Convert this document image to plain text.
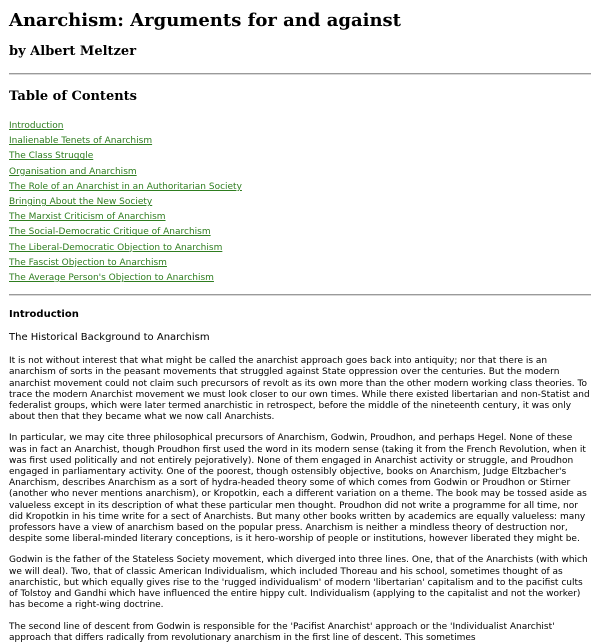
Anarchism: Arguments for and against
by Albert Meltzer
Table of Contents
Introduction
Inalienable Tenets of Anarchism
The Class Struggle
Organisation and Anarchism
The Role of an Anarchist in an Authoritarian Society
Bringing About the New Society
The Marxist Criticism of Anarchism
The Social-Democratic Critique of Anarchism
The Liberal-Democratic Objection to Anarchism
The Fascist Objection to Anarchism
The Average Person's Objection to Anarchism
Introduction
The Historical Background to Anarchism

It is not without interest that what might be called the anarchist approach goes back into antiquity; nor that there is an anarchism of sorts in the peasant movements that struggled against State oppression over the centuries. But the modern anarchist movement could not claim such precursors of revolt as its own more than the other modern working class theories. To trace the modern Anarchist movement we must look closer to our own times. While there existed libertarian and non-Statist and federalist groups, which were later termed anarchistic in retrospect, before the middle of the nineteenth century, it was only about then that they became what we now call Anarchists.

In particular, we may cite three philosophical precursors of Anarchism, Godwin, Proudhon, and perhaps Hegel. None of these was in fact an Anarchist, though Proudhon first used the word in its modern sense (taking it from the French Revolution, when it was first used politically and not entirely pejoratively). None of them engaged in Anarchist activity or struggle, and Proudhon engaged in parliamentary activity. One of the poorest, though ostensibly objective, books on Anarchism, Judge Eltzbacher's Anarchism, describes Anarchism as a sort of hydra-headed theory some of which comes from Godwin or Proudhon or Stirner (another who never mentions anarchism), or Kropotkin, each a different variation on a theme. The book may be tossed aside as valueless except in its description of what these particular men thought. Proudhon did not write a programme for all time, nor did Kropotkin in his time write for a sect of Anarchists. But many other books written by academics are equally valueless: many professors have a view of anarchism based on the popular press. Anarchism is neither a mindless theory of destruction nor, despite some liberal-minded literary conceptions, is it hero-worship of people or institutions, however liberated they might be.

Godwin is the father of the Stateless Society movement, which diverged into three lines. One, that of the Anarchists (with which we will deal). Two, that of classic American Individualism, which included Thoreau and his school, sometimes thought of as anarchistic, but which equally gives rise to the 'rugged individualism' of modern 'libertarian' capitalism and to the pacifist cults of Tolstoy and Gandhi which have influenced the entire hippy cult. Individualism (applying to the capitalist and not the worker) has become a right-wing doctrine.

The second line of descent from Godwin is responsible for the 'Pacifist Anarchist' approach or the 'Individualist Anarchist' approach that differs radically from revolutionary anarchism in the first line of descent. This sometimes
